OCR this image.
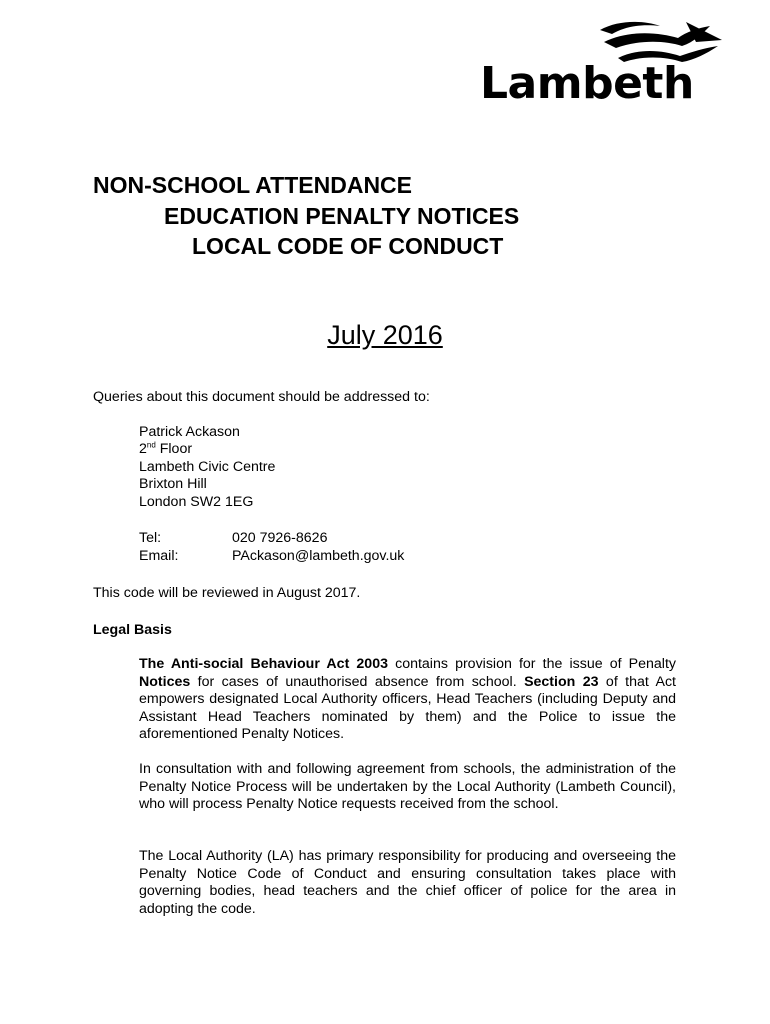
Lambeth
NON-SCHOOL ATTENDANCE
EDUCATION PENALTY NOTICES
LOCAL CODE OF CONDUCT
July 2016
Queries about this document should be addressed to:
Patrick Ackason
2nd Floor
Lambeth Civic Centre
Brixton Hill
London SW2 1EG
Tel:	020 7926-8626
Email:	PAckason@lambeth.gov.uk
This code will be reviewed in August 2017.
Legal Basis
The Anti-social Behaviour Act 2003 contains provision for the issue of Penalty Notices for cases of unauthorised absence from school. Section 23 of that Act empowers designated Local Authority officers, Head Teachers (including Deputy and Assistant Head Teachers nominated by them) and the Police to issue the aforementioned Penalty Notices.
In consultation with and following agreement from schools, the administration of the Penalty Notice Process will be undertaken by the Local Authority (Lambeth Council), who will process Penalty Notice requests received from the school.
The Local Authority (LA) has primary responsibility for producing and overseeing the Penalty Notice Code of Conduct and ensuring consultation takes place with governing bodies, head teachers and the chief officer of police for the area in adopting the code.
